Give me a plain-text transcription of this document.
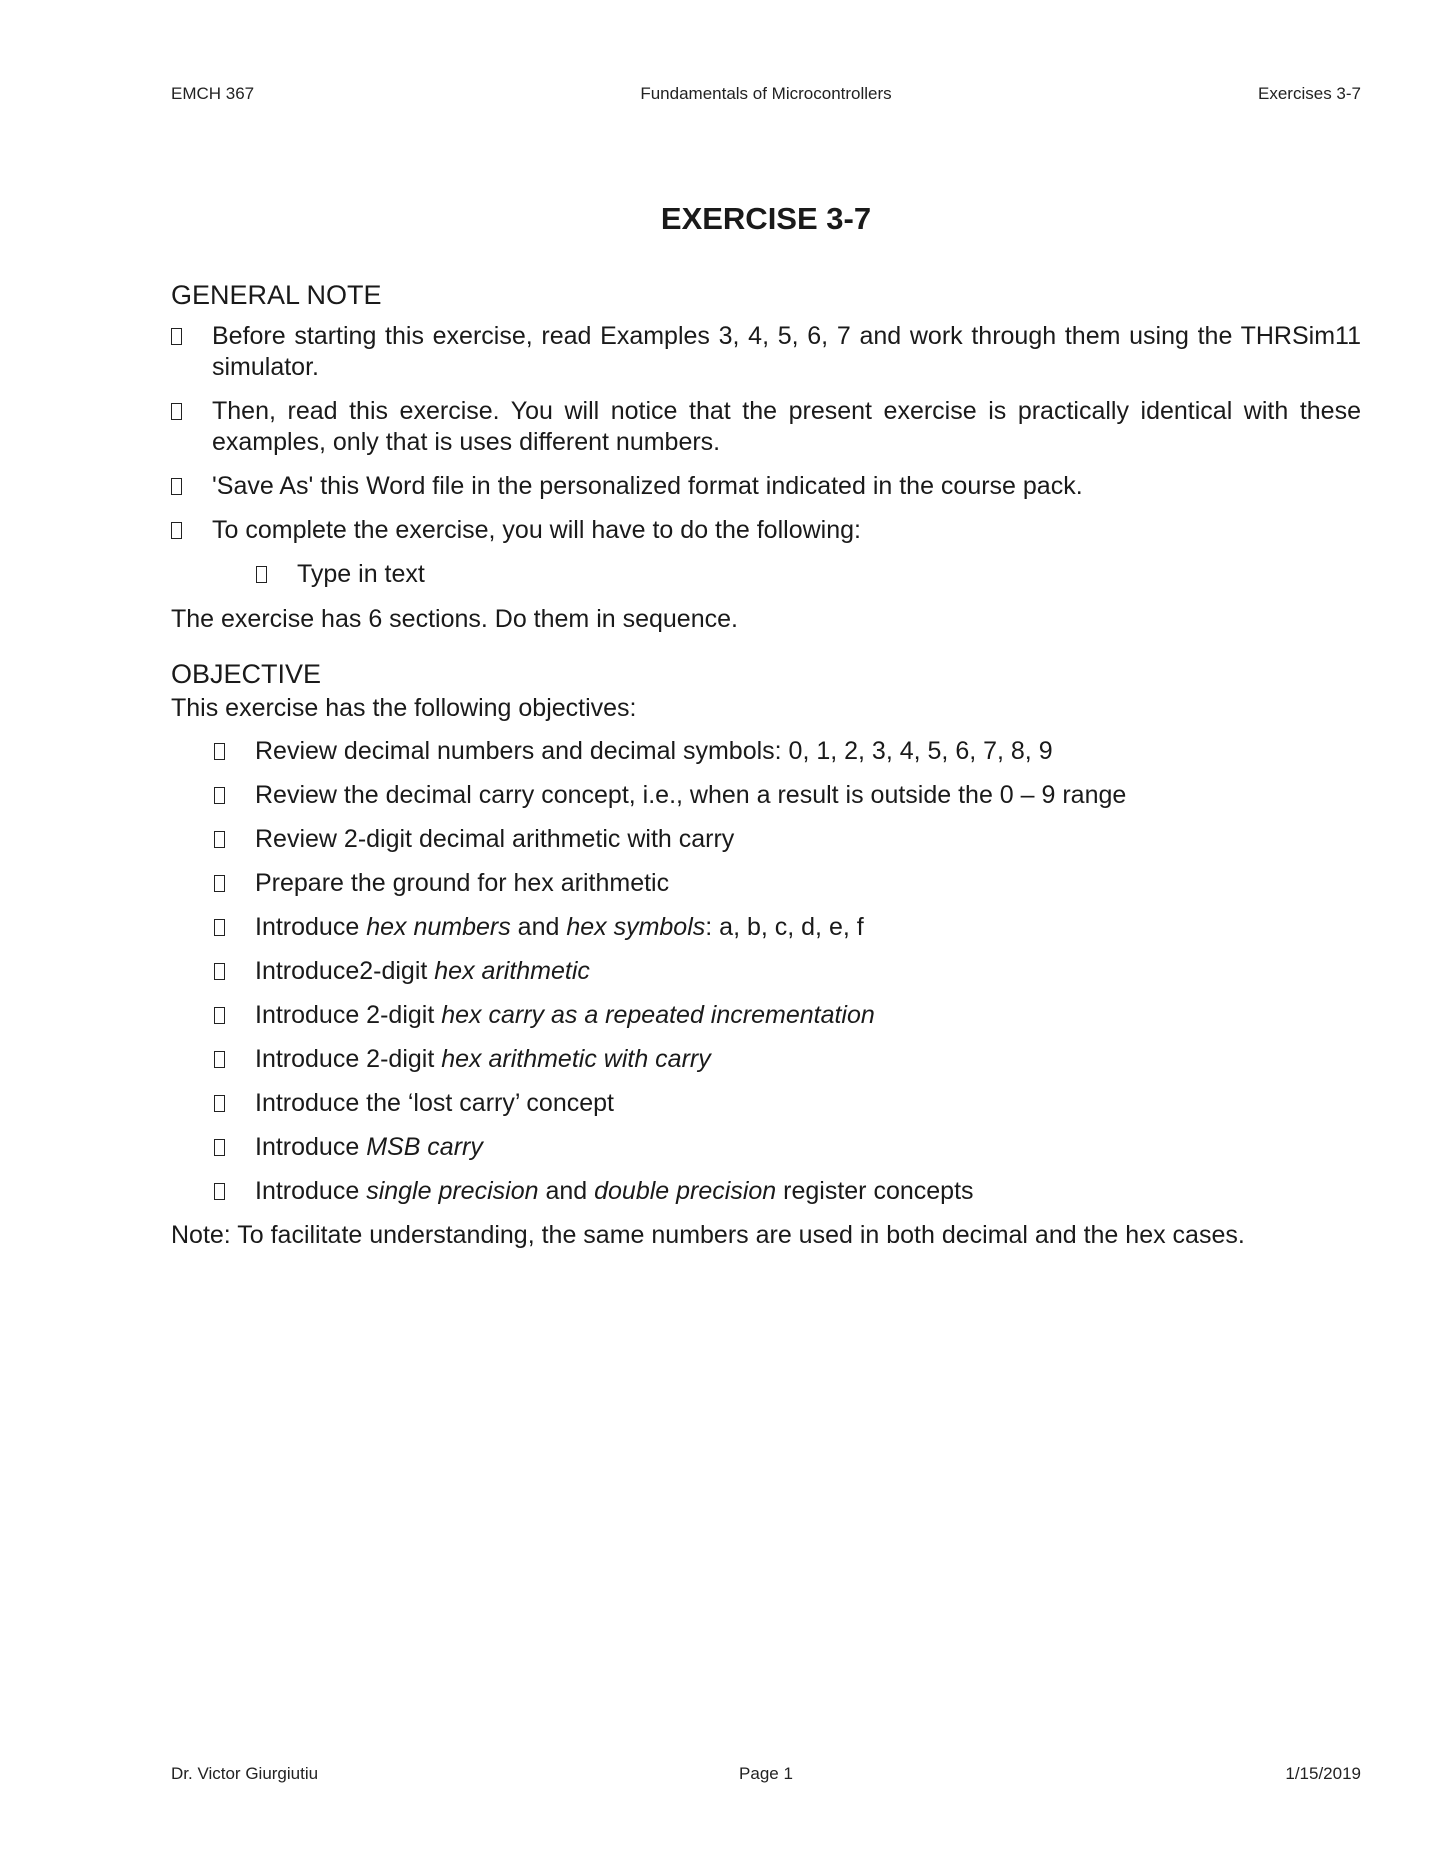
EMCH 367	Fundamentals of Microcontrollers	Exercises 3-7
EXERCISE 3-7

GENERAL NOTE

Before starting this exercise, read Examples 3, 4, 5, 6, 7 and work through them using the THRSim11 simulator.
Then, read this exercise. You will notice that the present exercise is practically identical with these examples, only that is uses different numbers.
'Save As' this Word file in the personalized format indicated in the course pack.
To complete the exercise, you will have to do the following:
Type in text

The exercise has 6 sections. Do them in sequence.

OBJECTIVE

This exercise has the following objectives:

Review decimal numbers and decimal symbols: 0, 1, 2, 3, 4, 5, 6, 7, 8, 9
Review the decimal carry concept, i.e., when a result is outside the 0 – 9 range
Review 2-digit decimal arithmetic with carry
Prepare the ground for hex arithmetic
Introduce hex numbers and hex symbols: a, b, c, d, e, f
Introduce2-digit hex arithmetic
Introduce 2-digit hex carry as a repeated incrementation
Introduce 2-digit hex arithmetic with carry
Introduce the ‘lost carry’ concept
Introduce MSB carry
Introduce single precision and double precision register concepts

Note: To facilitate understanding, the same numbers are used in both decimal and the hex cases.

Dr. Victor Giurgiutiu	Page 1	1/15/2019
